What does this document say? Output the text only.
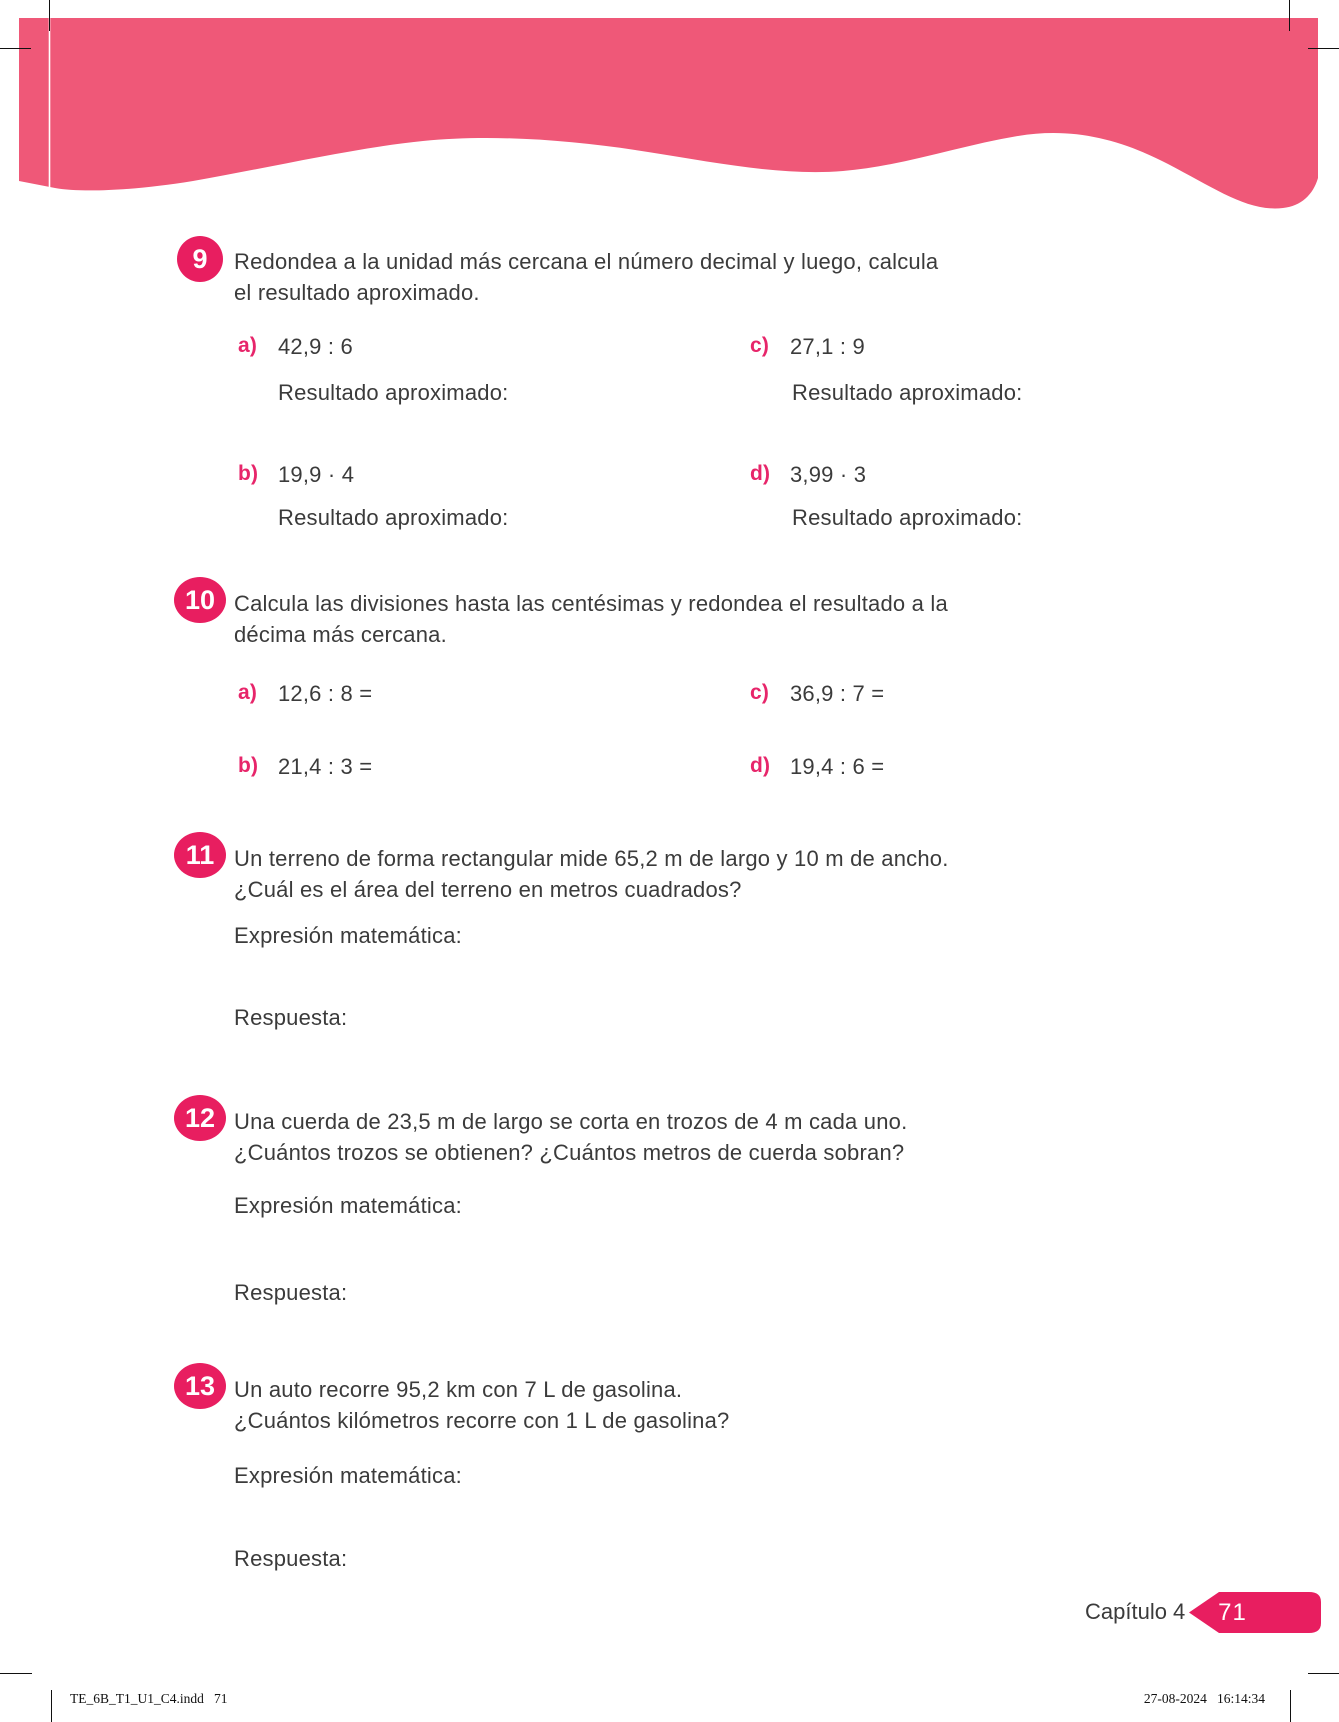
9 Redondea a la unidad más cercana el número decimal y luego, calcula
el resultado aproximado.
a) 42,9 : 6	c) 27,1 : 9
Resultado aproximado:	Resultado aproximado:
b) 19,9 · 4	d) 3,99 · 3
Resultado aproximado:	Resultado aproximado:
10 Calcula las divisiones hasta las centésimas y redondea el resultado a la
décima más cercana.
a) 12,6 : 8 =	c) 36,9 : 7 =
b) 21,4 : 3 =	d) 19,4 : 6 =
11 Un terreno de forma rectangular mide 65,2 m de largo y 10 m de ancho.
¿Cuál es el área del terreno en metros cuadrados?
Expresión matemática:
Respuesta:
12 Una cuerda de 23,5 m de largo se corta en trozos de 4 m cada uno.
¿Cuántos trozos se obtienen? ¿Cuántos metros de cuerda sobran?
Expresión matemática:
Respuesta:
13 Un auto recorre 95,2 km con 7 L de gasolina.
¿Cuántos kilómetros recorre con 1 L de gasolina?
Expresión matemática:
Respuesta:
Capítulo 4	71
TE_6B_T1_U1_C4.indd   71	27-08-2024   16:14:34
